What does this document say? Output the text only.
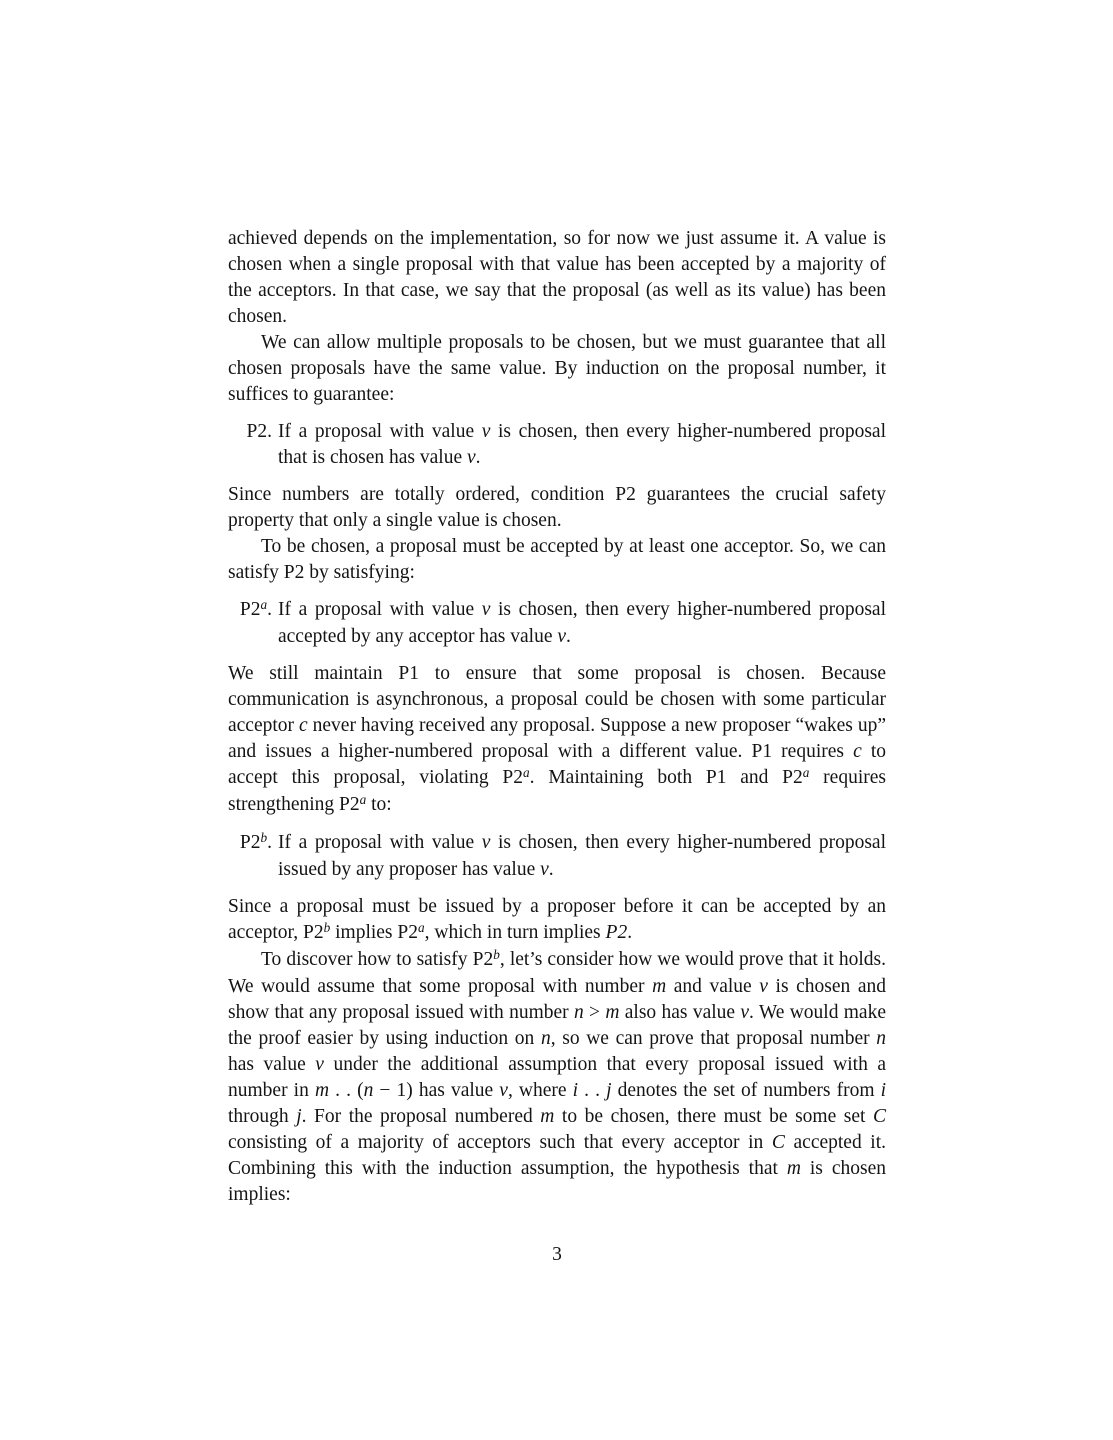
achieved depends on the implementation, so for now we just assume it. A value is chosen when a single proposal with that value has been accepted by a majority of the acceptors. In that case, we say that the proposal (as well as its value) has been chosen.

We can allow multiple proposals to be chosen, but we must guarantee that all chosen proposals have the same value. By induction on the proposal number, it suffices to guarantee:

P2. If a proposal with value v is chosen, then every higher-numbered proposal that is chosen has value v.

Since numbers are totally ordered, condition P2 guarantees the crucial safety property that only a single value is chosen.

To be chosen, a proposal must be accepted by at least one acceptor. So, we can satisfy P2 by satisfying:

P2$^a$. If a proposal with value v is chosen, then every higher-numbered proposal accepted by any acceptor has value v.

We still maintain P1 to ensure that some proposal is chosen. Because communication is asynchronous, a proposal could be chosen with some particular acceptor c never having received any proposal. Suppose a new proposer “wakes up” and issues a higher-numbered proposal with a different value. P1 requires c to accept this proposal, violating P2$^a$. Maintaining both P1 and P2$^a$ requires strengthening P2$^a$ to:

P2$^b$. If a proposal with value v is chosen, then every higher-numbered proposal issued by any proposer has value v.

Since a proposal must be issued by a proposer before it can be accepted by an acceptor, P2$^b$ implies P2$^a$, which in turn implies P2.

To discover how to satisfy P2$^b$, let’s consider how we would prove that it holds. We would assume that some proposal with number m and value v is chosen and show that any proposal issued with number n > m also has value v. We would make the proof easier by using induction on n, so we can prove that proposal number n has value v under the additional assumption that every proposal issued with a number in m . . (n − 1) has value v, where i . . j denotes the set of numbers from i through j. For the proposal numbered m to be chosen, there must be some set C consisting of a majority of acceptors such that every acceptor in C accepted it. Combining this with the induction assumption, the hypothesis that m is chosen implies:

3
